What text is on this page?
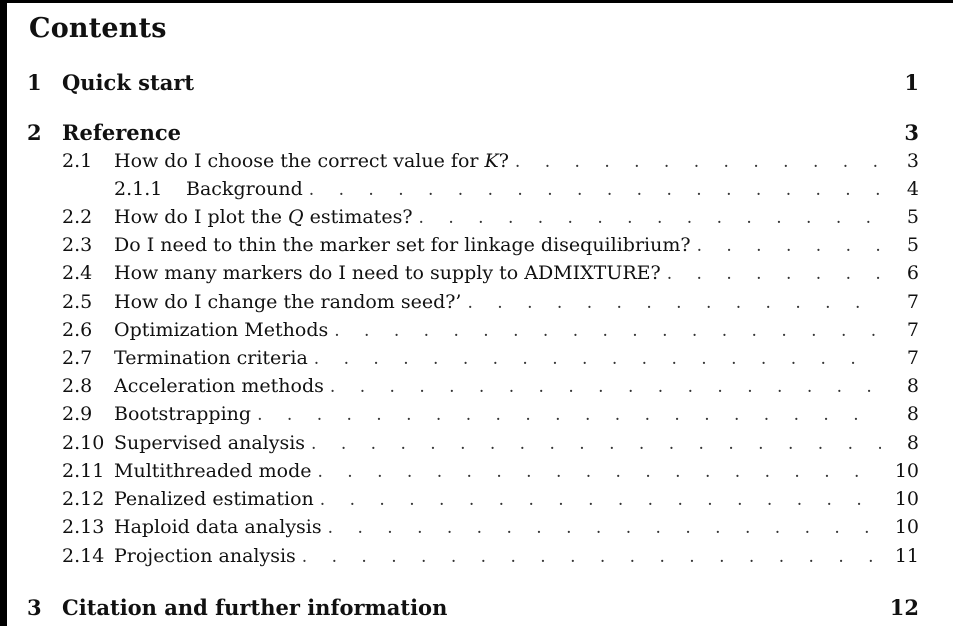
Contents
1 Quick start	1
2 Reference	3
2.1 How do I choose the correct value for K? . . .	3
2.1.1 Background . . .	4
2.2 How do I plot the Q estimates? . . .	5
2.3 Do I need to thin the marker set for linkage disequilibrium? . . .	5
2.4 How many markers do I need to supply to ADMIXTURE? . . .	6
2.5 How do I change the random seed?’ . . .	7
2.6 Optimization Methods . . .	7
2.7 Termination criteria . . .	7
2.8 Acceleration methods . . .	8
2.9 Bootstrapping . . .	8
2.10 Supervised analysis . . .	8
2.11 Multithreaded mode . . .	10
2.12 Penalized estimation . . .	10
2.13 Haploid data analysis . . .	10
2.14 Projection analysis . . .	11
3 Citation and further information	12
